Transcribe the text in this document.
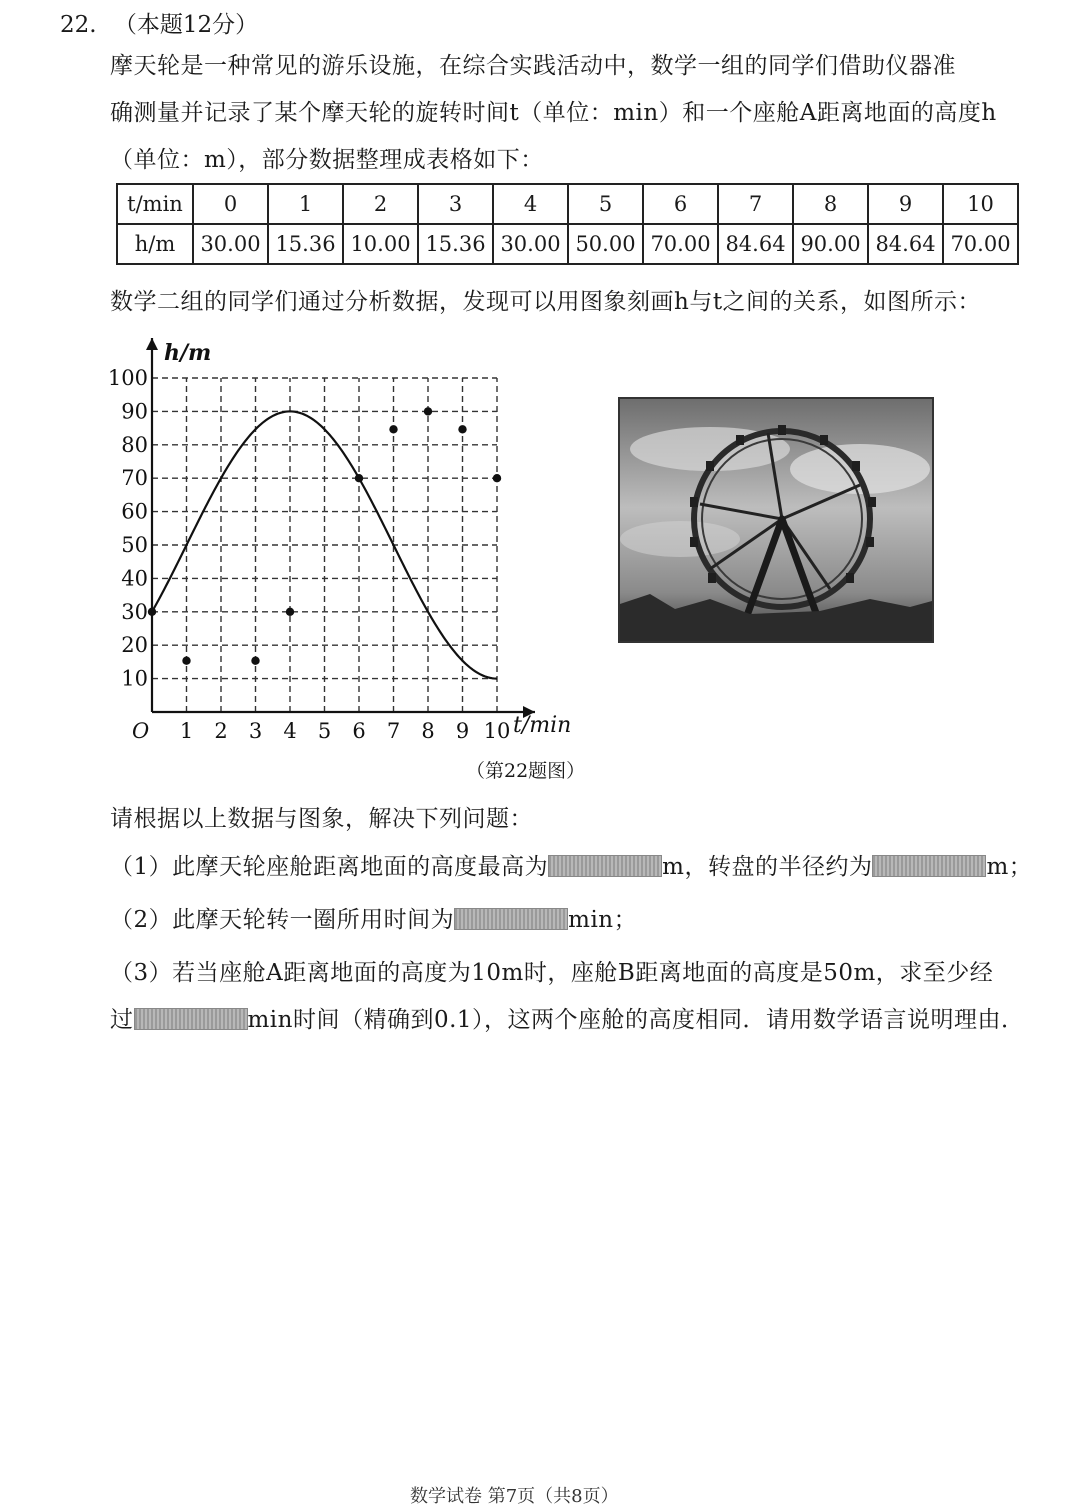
22. （本题12分）
摩天轮是一种常见的游乐设施，在综合实践活动中，数学一组的同学们借助仪器准
确测量并记录了某个摩天轮的旋转时间t（单位：min）和一个座舱A距离地面的高度h
（单位：m），部分数据整理成表格如下：
t/min	0	1	2	3	4	5	6	7	8	9	10
h/m	30.00	15.36	10.00	15.36	30.00	50.00	70.00	84.64	90.00	84.64	70.00
数学二组的同学们通过分析数据，发现可以用图象刻画h与t之间的关系，如图所示：
1 2 3 4 5 6 7 8 9 10
10
20
30
40
50
60
70
80
90
100
O
h/m
t/min
（第22题图）
请根据以上数据与图象，解决下列问题：
（1）此摩天轮座舱距离地面的高度最高为	m，转盘的半径约为	m；
（2）此摩天轮转一圈所用时间为	min；
（3）若当座舱A距离地面的高度为10m时，座舱B距离地面的高度是50m，求至少经
过	min时间（精确到0.1），这两个座舱的高度相同．请用数学语言说明理由．
数学试卷 第7页（共8页）
